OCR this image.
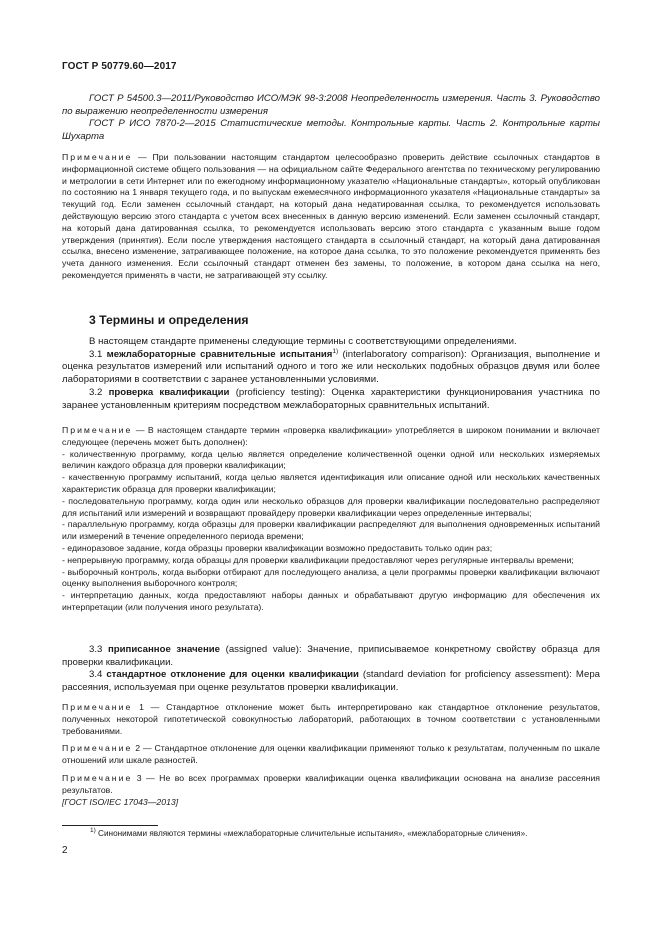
ГОСТ Р 50779.60—2017

ГОСТ Р 54500.3—2011/Руководство ИСО/МЭК 98-3:2008 Неопределенность измерения. Часть 3. Руководство по выражению неопределенности измерения

ГОСТ Р ИСО 7870-2—2015 Статистические методы. Контрольные карты. Часть 2. Контрольные карты Шухарта

Примечание — При пользовании настоящим стандартом целесообразно проверить действие ссылочных стандартов в информационной системе общего пользования — на официальном сайте Федерального агентства по техническому регулированию и метрологии в сети Интернет или по ежегодному информационному указателю «Национальные стандарты», который опубликован по состоянию на 1 января текущего года, и по выпускам ежемесячного информационного указателя «Национальные стандарты» за текущий год. Если заменен ссылочный стандарт, на который дана недатированная ссылка, то рекомендуется использовать действующую версию этого стандарта с учетом всех внесенных в данную версию изменений. Если заменен ссылочный стандарт, на который дана датированная ссылка, то рекомендуется использовать версию этого стандарта с указанным выше годом утверждения (принятия). Если после утверждения настоящего стандарта в ссылочный стандарт, на который дана датированная ссылка, внесено изменение, затрагивающее положение, на которое дана ссылка, то это положение рекомендуется применять без учета данного изменения. Если ссылочный стандарт отменен без замены, то положение, в котором дана ссылка на него, рекомендуется применять в части, не затрагивающей эту ссылку.

3 Термины и определения

В настоящем стандарте применены следующие термины с соответствующими определениями.

3.1 межлабораторные сравнительные испытания$^{1)}$ (interlaboratory comparison): Организация, выполнение и оценка результатов измерений или испытаний одного и того же или нескольких подобных образцов двумя или более лабораториями в соответствии с заранее установленными условиями.

3.2 проверка квалификации (proficiency testing): Оценка характеристики функционирования участника по заранее установленным критериям посредством межлабораторных сравнительных испытаний.

Примечание — В настоящем стандарте термин «проверка квалификации» употребляется в широком понимании и включает следующее (перечень может быть дополнен):

- количественную программу, когда целью является определение количественной оценки одной или нескольких измеряемых величин каждого образца для проверки квалификации;

- качественную программу испытаний, когда целью является идентификация или описание одной или нескольких качественных характеристик образца для проверки квалификации;

- последовательную программу, когда один или несколько образцов для проверки квалификации последовательно распределяют для испытаний или измерений и возвращают провайдеру проверки квалификации через определенные интервалы;

- параллельную программу, когда образцы для проверки квалификации распределяют для выполнения одновременных испытаний или измерений в течение определенного периода времени;

- единоразовое задание, когда образцы проверки квалификации возможно предоставить только один раз;

- непрерывную программу, когда образцы для проверки квалификации предоставляют через регулярные интервалы времени;

- выборочный контроль, когда выборки отбирают для последующего анализа, а цели программы проверки квалификации включают оценку выполнения выборочного контроля;

- интерпретацию данных, когда предоставляют наборы данных и обрабатывают другую информацию для обеспечения их интерпретации (или получения иного результата).

3.3 приписанное значение (assigned value): Значение, приписываемое конкретному свойству образца для проверки квалификации.

3.4 стандартное отклонение для оценки квалификации (standard deviation for proficiency assessment): Мера рассеяния, используемая при оценке результатов проверки квалификации.

Примечание 1 — Стандартное отклонение может быть интерпретировано как стандартное отклонение результатов, полученных некоторой гипотетической совокупностью лабораторий, работающих в точном соответствии с установленными требованиями.

Примечание 2 — Стандартное отклонение для оценки квалификации применяют только к результатам, полученным по шкале отношений или шкале разностей.

Примечание 3 — Не во всех программах проверки квалификации оценка квалификации основана на анализе рассеяния результатов.

[ГОСТ ISO/IEC 17043—2013]

$^{1)}$ Синонимами являются термины «межлабораторные сличительные испытания», «межлабораторные сличения».

2
